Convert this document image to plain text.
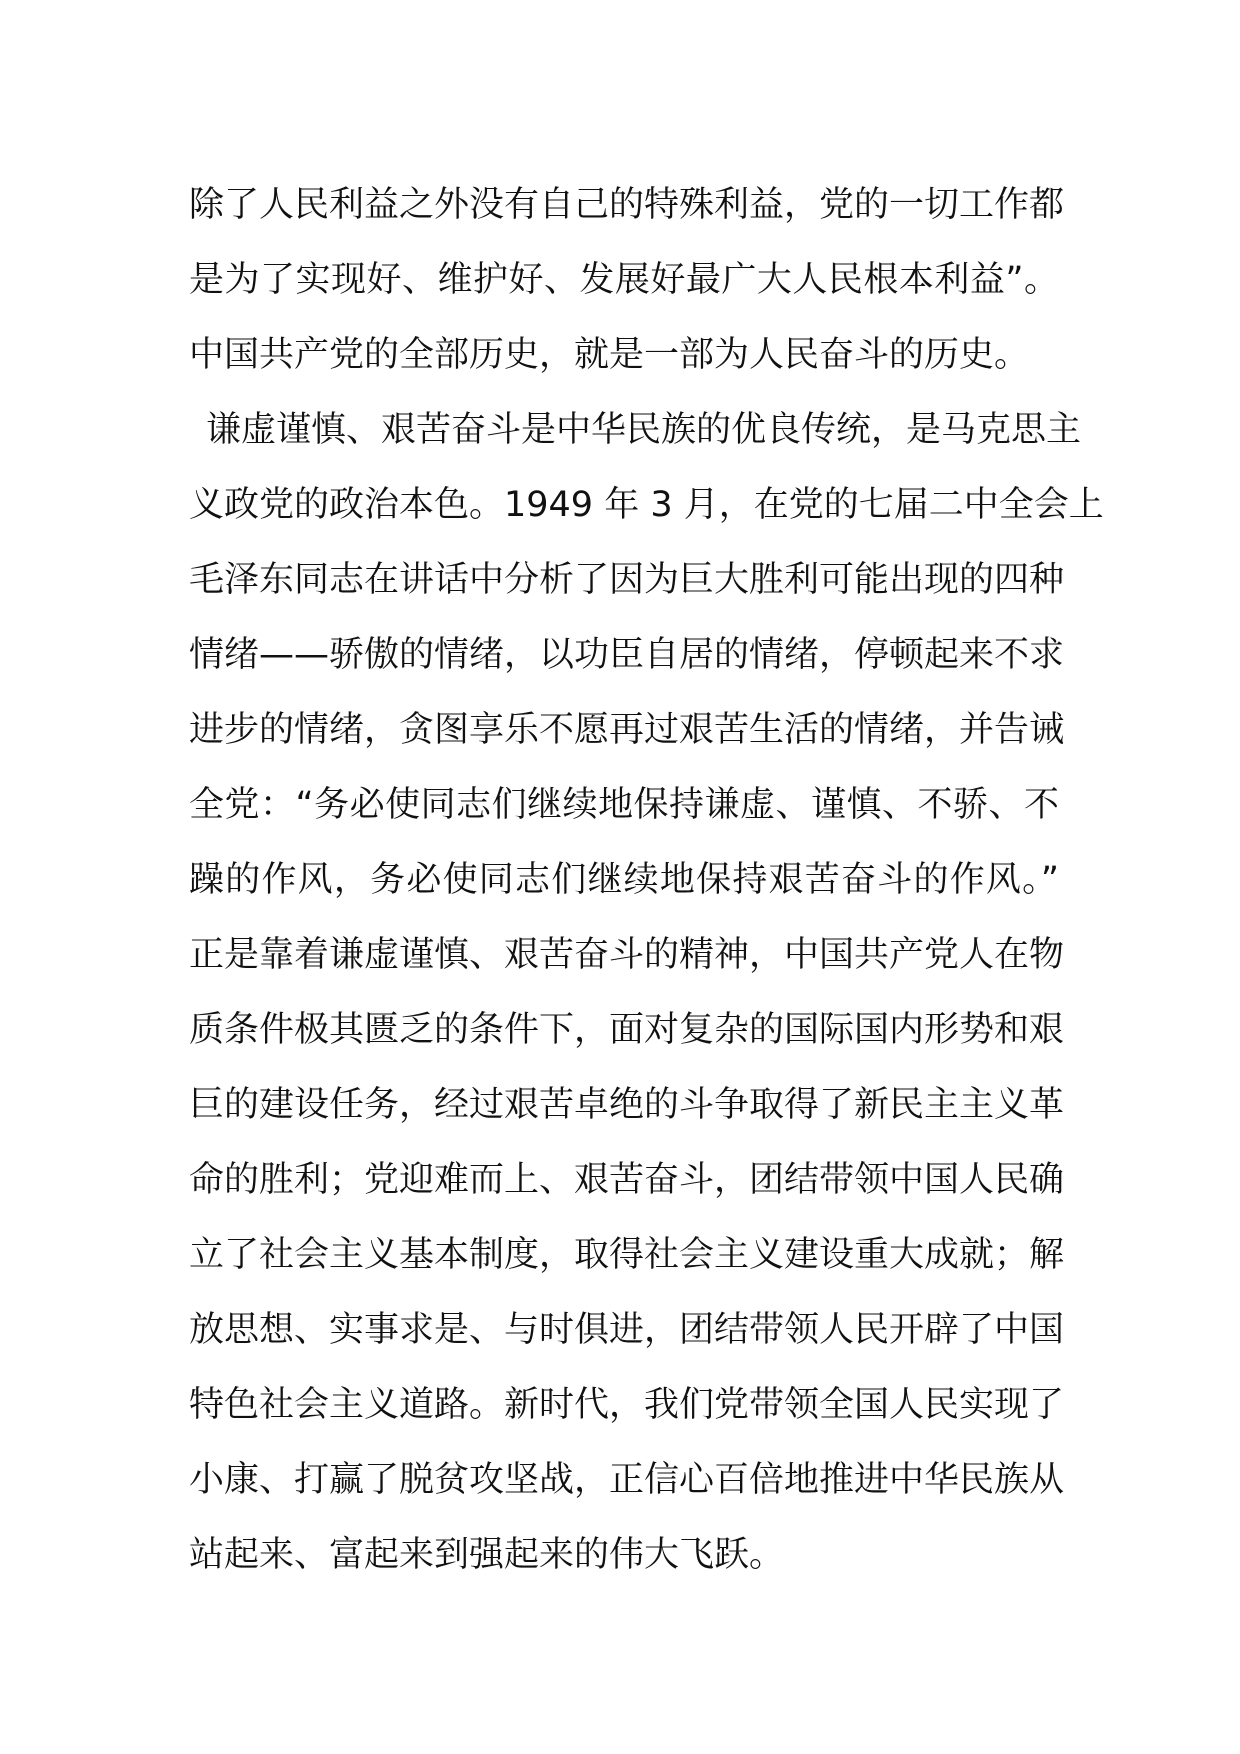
除了人民利益之外没有自己的特殊利益，党的一切工作都
是为了实现好、维护好、发展好最广大人民根本利益”。
中国共产党的全部历史，就是一部为人民奋斗的历史。
谦虚谨慎、艰苦奋斗是中华民族的优良传统，是马克思主
义政党的政治本色。1949 年 3 月，在党的七届二中全会上
毛泽东同志在讲话中分析了因为巨大胜利可能出现的四种
情绪——骄傲的情绪，以功臣自居的情绪，停顿起来不求
进步的情绪，贪图享乐不愿再过艰苦生活的情绪，并告诫
全党：“务必使同志们继续地保持谦虚、谨慎、不骄、不
躁的作风，务必使同志们继续地保持艰苦奋斗的作风。”
正是靠着谦虚谨慎、艰苦奋斗的精神，中国共产党人在物
质条件极其匮乏的条件下，面对复杂的国际国内形势和艰
巨的建设任务，经过艰苦卓绝的斗争取得了新民主主义革
命的胜利；党迎难而上、艰苦奋斗，团结带领中国人民确
立了社会主义基本制度，取得社会主义建设重大成就；解
放思想、实事求是、与时俱进，团结带领人民开辟了中国
特色社会主义道路。新时代，我们党带领全国人民实现了
小康、打赢了脱贫攻坚战，正信心百倍地推进中华民族从
站起来、富起来到强起来的伟大飞跃。
